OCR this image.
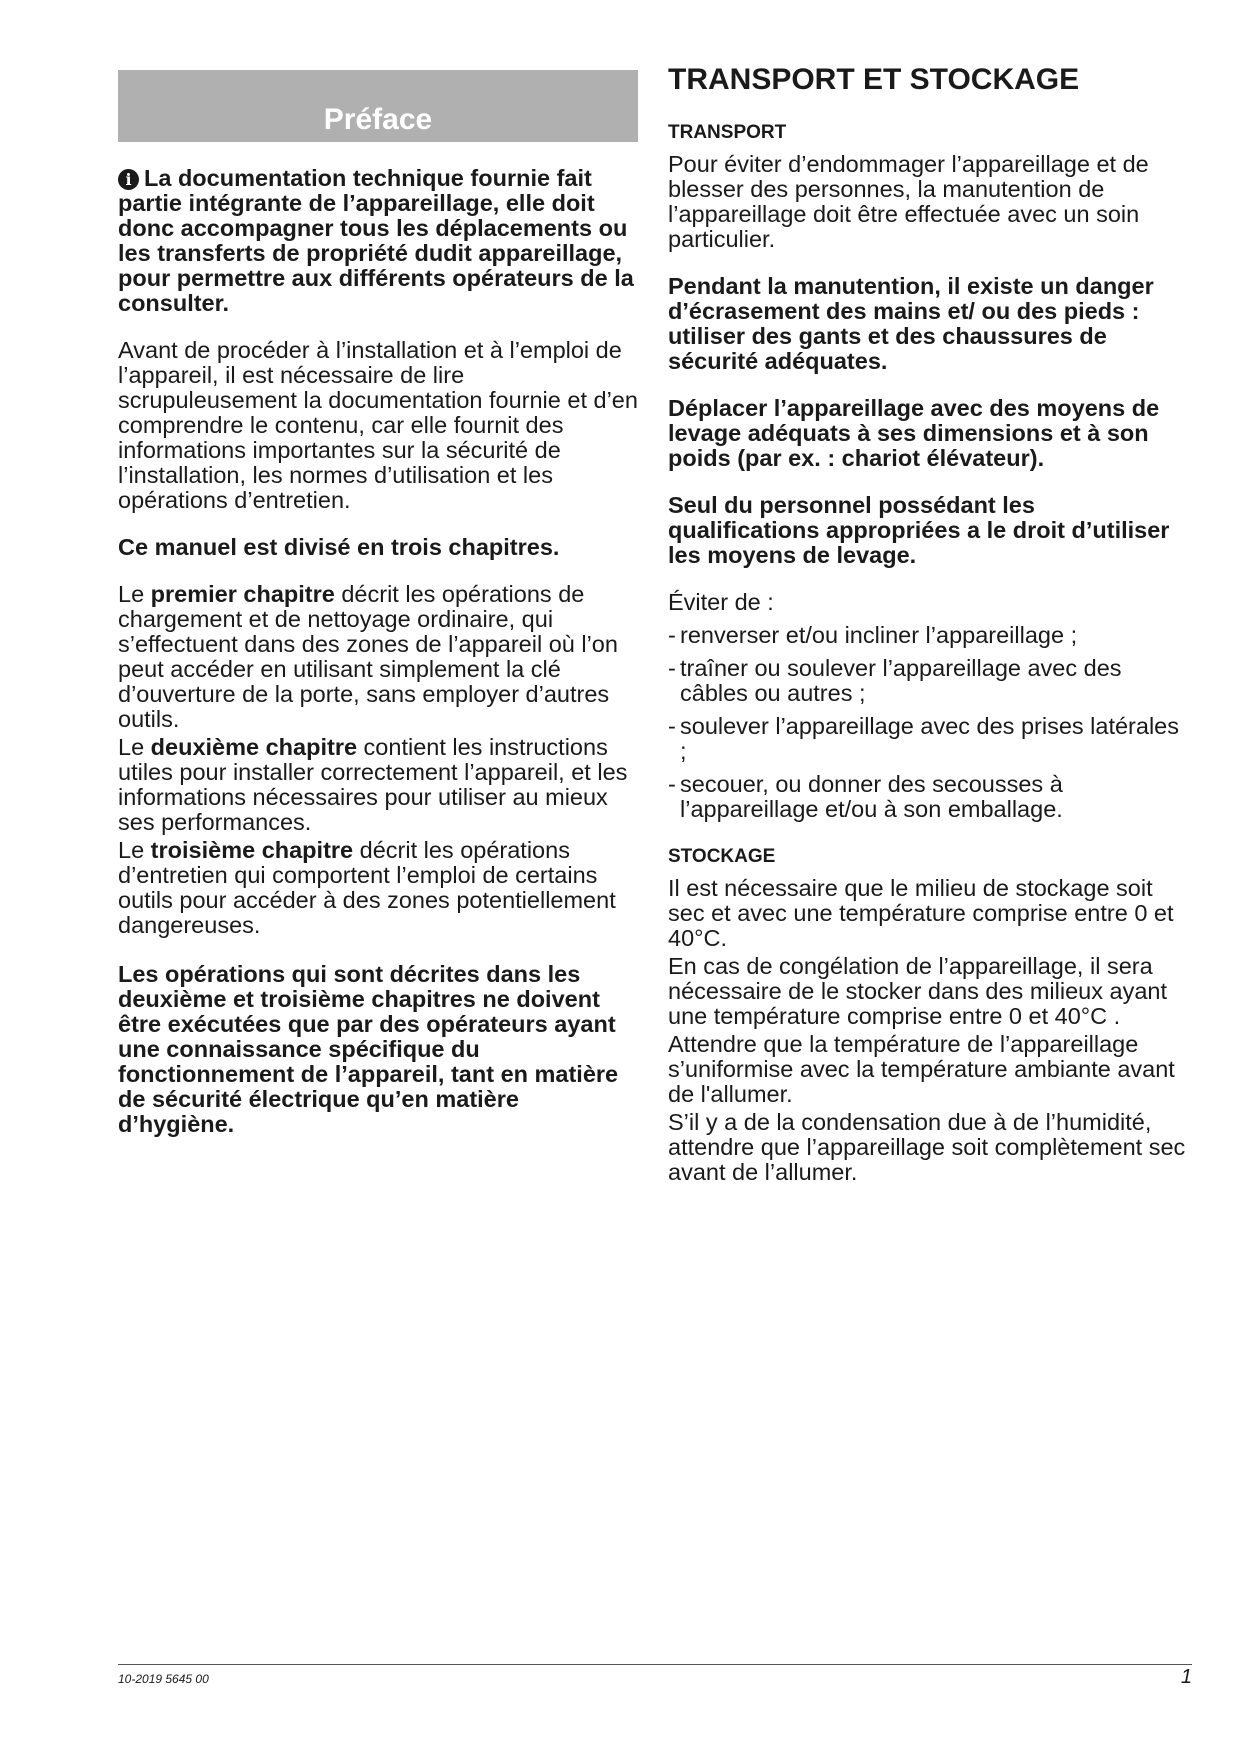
Préface

i La documentation technique fournie fait partie intégrante de l’appareillage, elle doit donc accompagner tous les déplacements ou les transferts de propriété dudit appareillage, pour permettre aux différents opérateurs de la consulter.

Avant de procéder à l’installation et à l’emploi de l’appareil, il est nécessaire de lire scrupuleusement la documentation fournie et d’en comprendre le contenu, car elle fournit des informations importantes sur la sécurité de l’installation, les normes d’utilisation et les opérations d’entretien.

Ce manuel est divisé en trois chapitres.

Le premier chapitre décrit les opérations de chargement et de nettoyage ordinaire, qui s’effectuent dans des zones de l’appareil où l’on peut accéder en utilisant simplement la clé d’ouverture de la porte, sans employer d’autres outils.

Le deuxième chapitre contient les instructions utiles pour installer correctement l’appareil, et les informations nécessaires pour utiliser au mieux ses performances.

Le troisième chapitre décrit les opérations d’entretien qui comportent l’emploi de certains outils pour accéder à des zones potentiellement dangereuses.

Les opérations qui sont décrites dans les deuxième et troisième chapitres ne doivent être exécutées que par des opérateurs ayant une connaissance spécifique du fonctionnement de l’appareil, tant en matière de sécurité électrique qu’en matière d’hygiène.

TRANSPORT ET STOCKAGE
TRANSPORT

Pour éviter d’endommager l’appareillage et de blesser des personnes, la manutention de l’appareillage doit être effectuée avec un soin particulier.

Pendant la manutention, il existe un danger d’écrasement des mains et/ ou des pieds : utiliser des gants et des chaussures de sécurité adéquates.

Déplacer l’appareillage avec des moyens de levage adéquats à ses dimensions et à son poids (par ex. : chariot élévateur).

Seul du personnel possédant les qualifications appropriées a le droit d’utiliser les moyens de levage.

Éviter de :

- renverser et/ou incliner l’appareillage ;
- traîner ou soulever l’appareillage avec des câbles ou autres ;
- soulever l’appareillage avec des prises latérales ;
- secouer, ou donner des secousses à l’appareillage et/ou à son emballage.
STOCKAGE

Il est nécessaire que le milieu de stockage soit sec et avec une température comprise entre 0 et 40°C.

En cas de congélation de l’appareillage, il sera nécessaire de le stocker dans des milieux ayant une température comprise entre 0 et 40°C .

Attendre que la température de l’appareillage s’uniformise avec la température ambiante avant de l'allumer.

S’il y a de la condensation due à de l’humidité, attendre que l’appareillage soit complètement sec avant de l’allumer.

10-2019 5645 00	1
